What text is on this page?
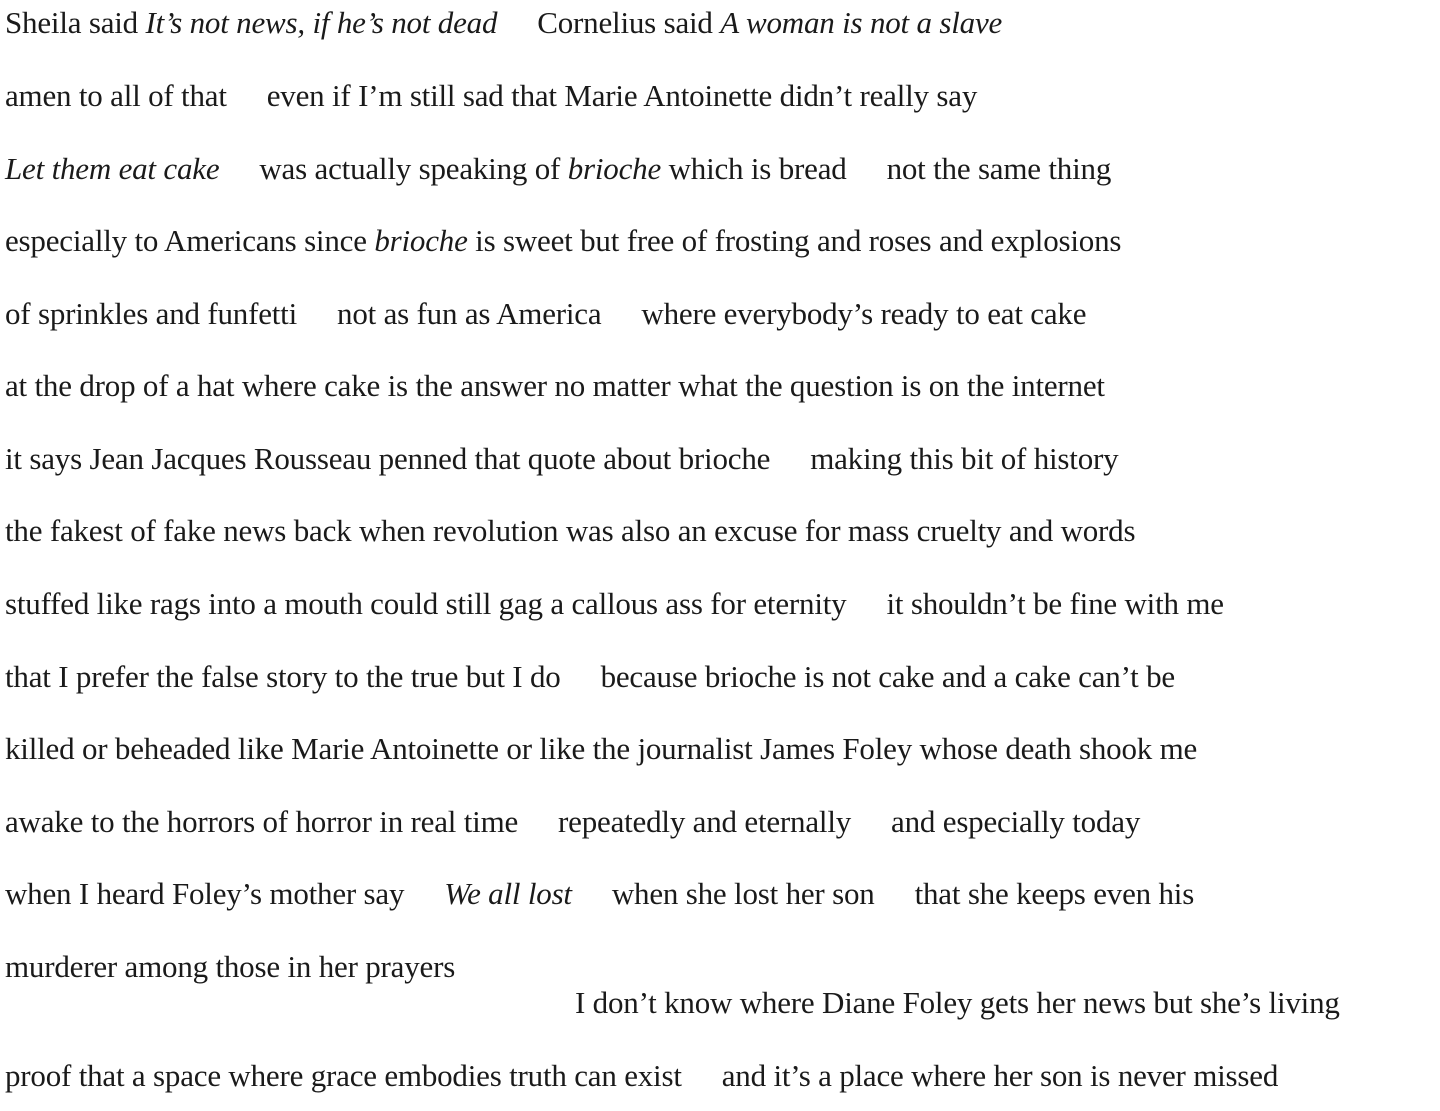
Sheila said It’s not news, if he’s not dead Cornelius said A woman is not a slave
amen to all of that even if I’m still sad that Marie Antoinette didn’t really say
Let them eat cake was actually speaking of brioche which is bread not the same thing
especially to Americans since brioche is sweet but free of frosting and roses and explosions
of sprinkles and funfetti not as fun as America where everybody’s ready to eat cake
at the drop of a hat where cake is the answer no matter what the question is on the internet
it says Jean Jacques Rousseau penned that quote about brioche making this bit of history
the fakest of fake news back when revolution was also an excuse for mass cruelty and words
stuffed like rags into a mouth could still gag a callous ass for eternity it shouldn’t be fine with me
that I prefer the false story to the true but I do because brioche is not cake and a cake can’t be
killed or beheaded like Marie Antoinette or like the journalist James Foley whose death shook me
awake to the horrors of horror in real time repeatedly and eternally and especially today
when I heard Foley’s mother say We all lost when she lost her son that she keeps even his
murderer among those in her prayers
I don’t know where Diane Foley gets her news but she’s living
proof that a space where grace embodies truth can exist and it’s a place where her son is never missed
